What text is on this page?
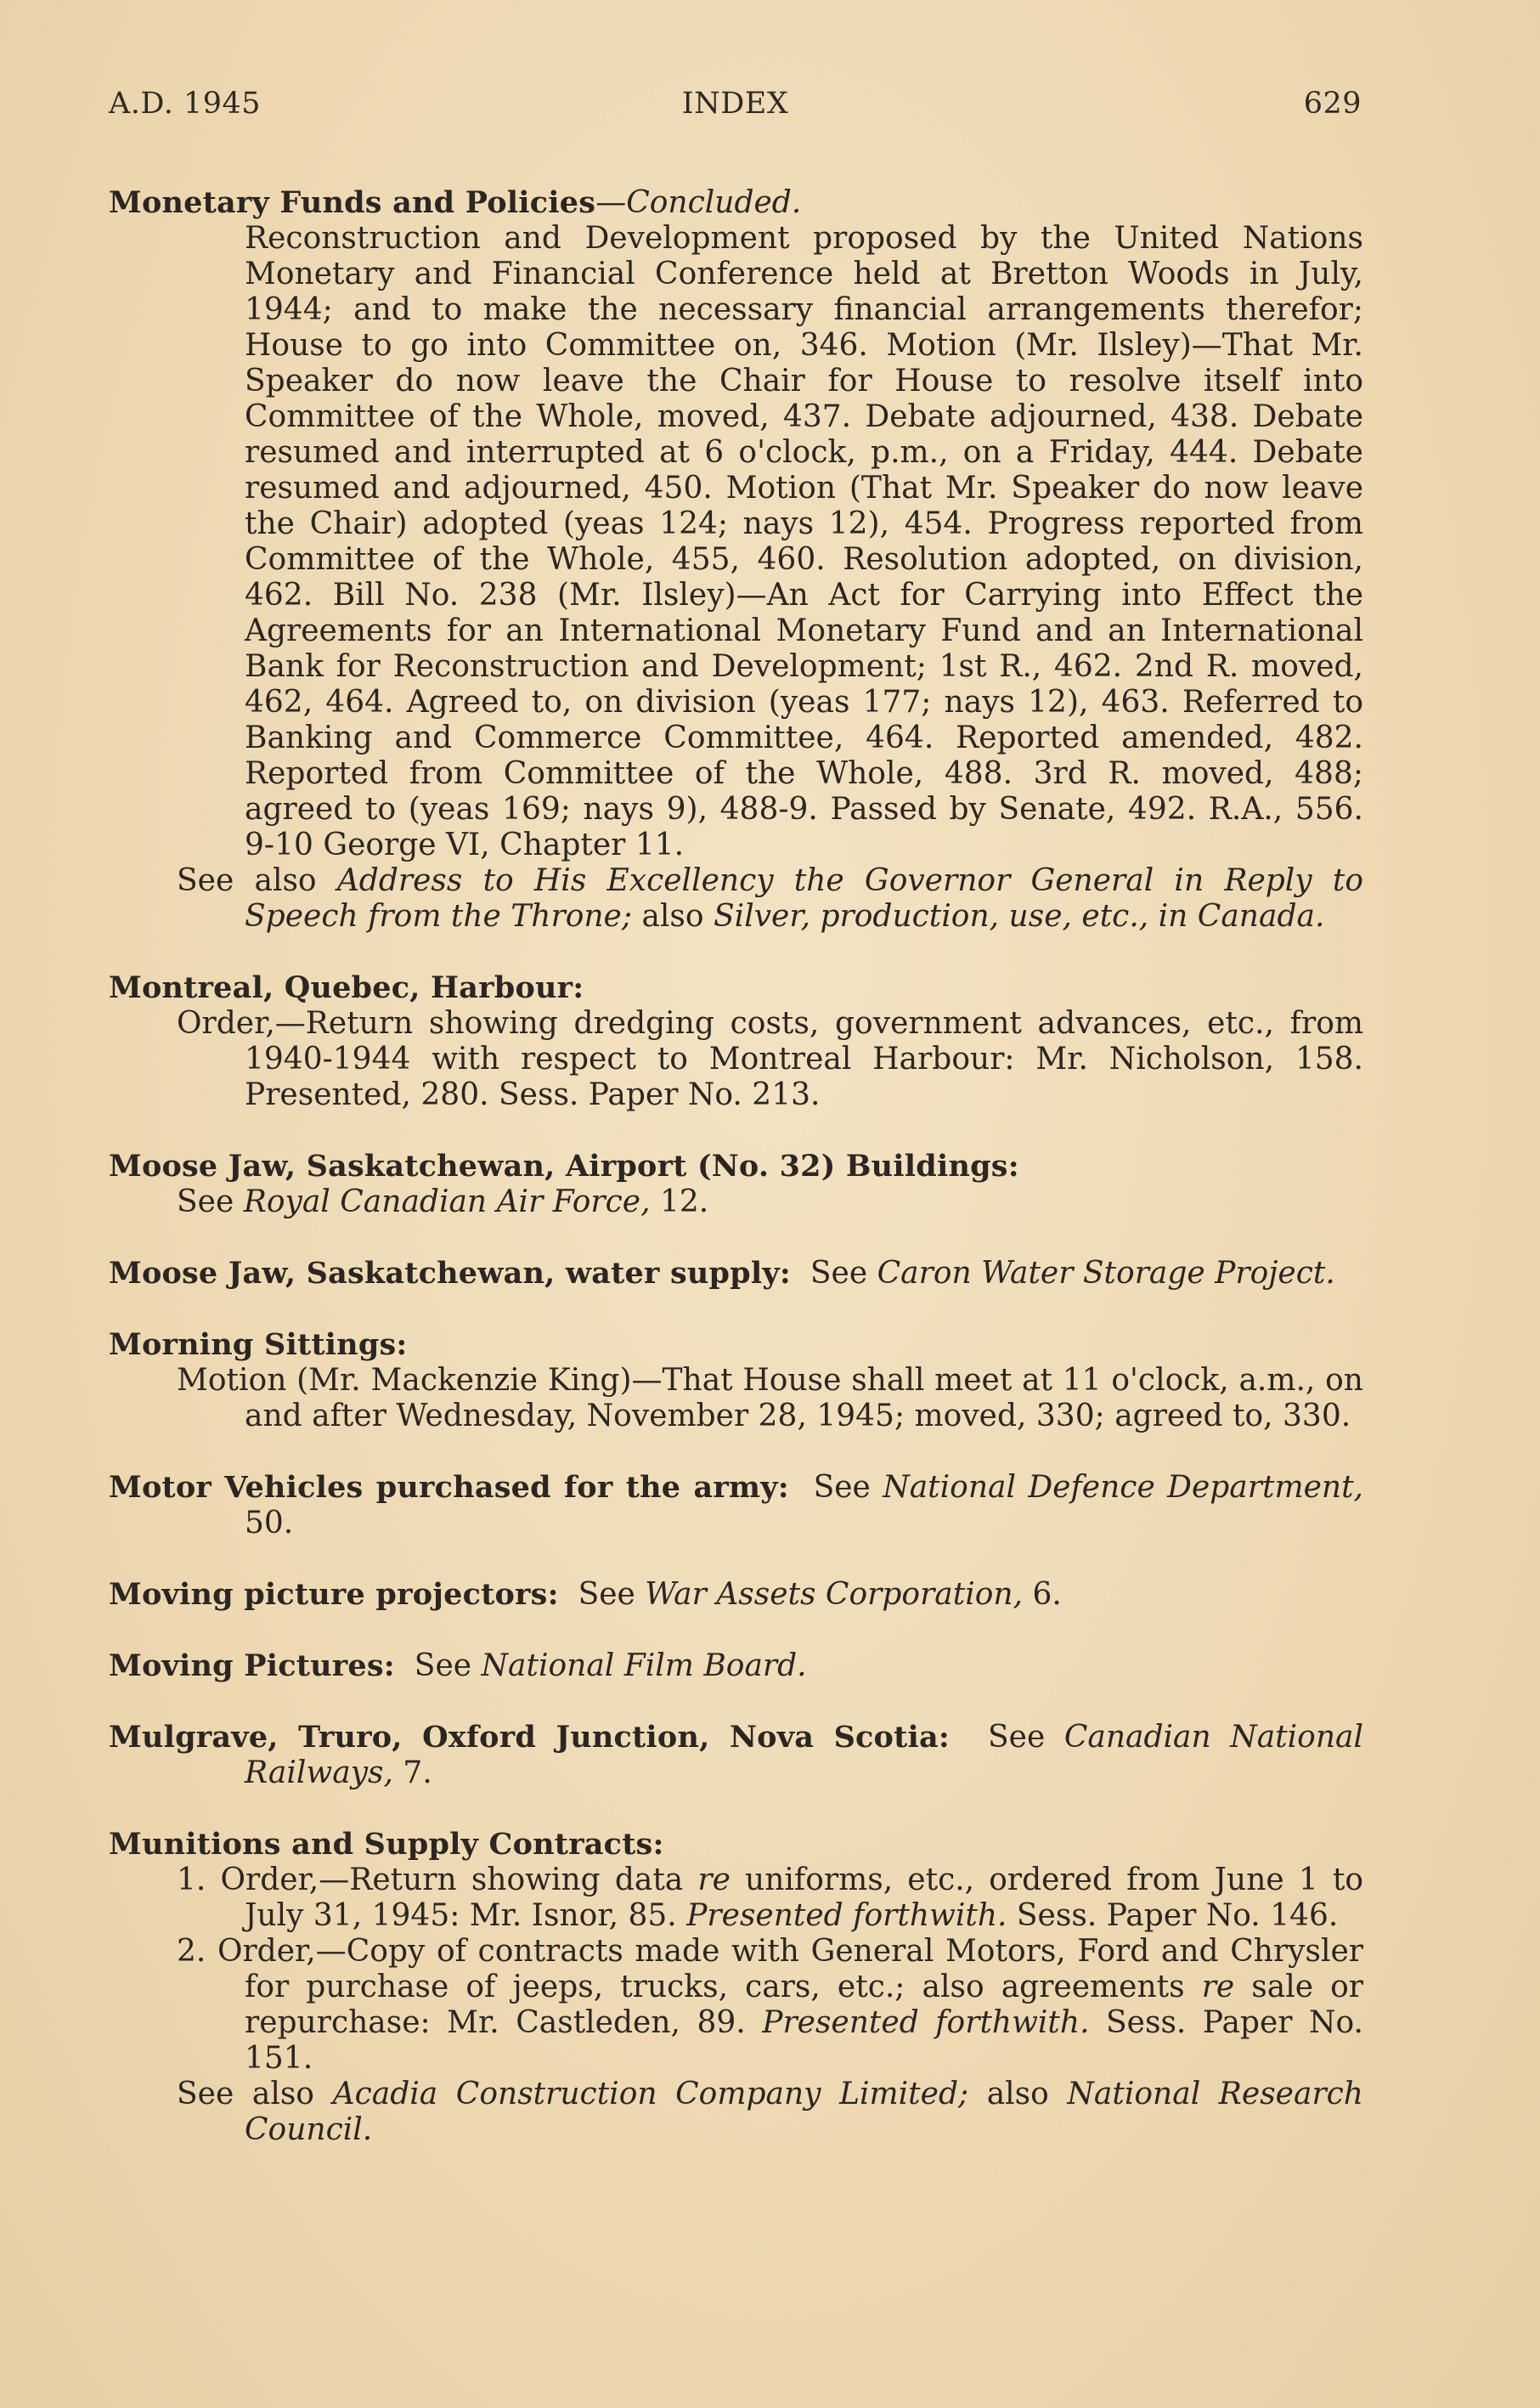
A.D. 1945	INDEX	629

Monetary Funds and Policies—Concluded.

Reconstruction and Development proposed by the United Nations Monetary and Financial Conference held at Bretton Woods in July, 1944; and to make the necessary financial arrangements therefor; House to go into Committee on, 346. Motion (Mr. Ilsley)—That Mr. Speaker do now leave the Chair for House to resolve itself into Committee of the Whole, moved, 437. Debate adjourned, 438. Debate resumed and interrupted at 6 o'clock, p.m., on a Friday, 444. Debate resumed and adjourned, 450. Motion (That Mr. Speaker do now leave the Chair) adopted (yeas 124; nays 12), 454. Progress reported from Committee of the Whole, 455, 460. Resolution adopted, on division, 462. Bill No. 238 (Mr. Ilsley)—An Act for Carrying into Effect the Agreements for an International Monetary Fund and an International Bank for Reconstruction and Development; 1st R., 462. 2nd R. moved, 462, 464. Agreed to, on division (yeas 177; nays 12), 463. Referred to Banking and Commerce Committee, 464. Reported amended, 482. Reported from Committee of the Whole, 488. 3rd R. moved, 488; agreed to (yeas 169; nays 9), 488-9. Passed by Senate, 492. R.A., 556. 9-10 George VI, Chapter 11.

See also Address to His Excellency the Governor General in Reply to Speech from the Throne; also Silver, production, use, etc., in Canada.

Montreal, Quebec, Harbour:

Order,—Return showing dredging costs, government advances, etc., from 1940-1944 with respect to Montreal Harbour: Mr. Nicholson, 158. Presented, 280. Sess. Paper No. 213.

Moose Jaw, Saskatchewan, Airport (No. 32) Buildings:

See Royal Canadian Air Force, 12.

Moose Jaw, Saskatchewan, water supply:  See Caron Water Storage Project.

Morning Sittings:

Motion (Mr. Mackenzie King)—That House shall meet at 11 o'clock, a.m., on and after Wednesday, November 28, 1945; moved, 330; agreed to, 330.

Motor Vehicles purchased for the army:  See National Defence Department, 50.

Moving picture projectors:  See War Assets Corporation, 6.

Moving Pictures:  See National Film Board.

Mulgrave, Truro, Oxford Junction, Nova Scotia:  See Canadian National Railways, 7.

Munitions and Supply Contracts:

1. Order,—Return showing data re uniforms, etc., ordered from June 1 to July 31, 1945: Mr. Isnor, 85. Presented forthwith. Sess. Paper No. 146.

2. Order,—Copy of contracts made with General Motors, Ford and Chrysler for purchase of jeeps, trucks, cars, etc.; also agreements re sale or repurchase: Mr. Castleden, 89. Presented forthwith. Sess. Paper No. 151.

See also Acadia Construction Company Limited; also National Research Council.
